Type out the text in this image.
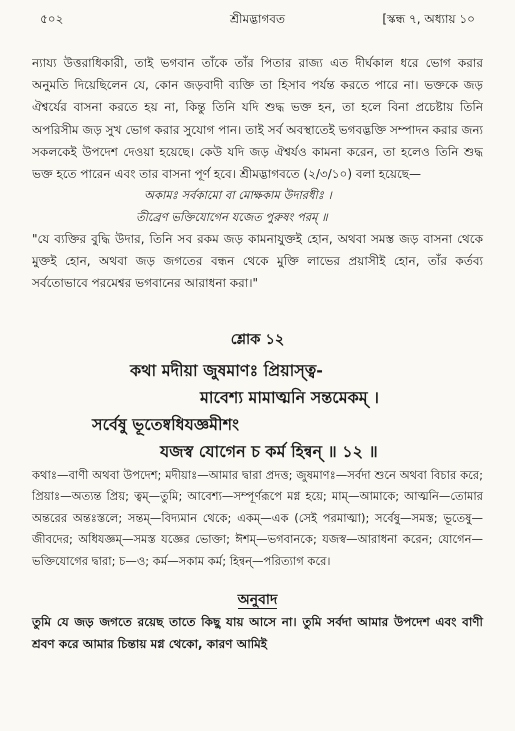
৫০২	শ্রীমদ্ভাগবত	[স্কন্ধ ৭, অধ্যায় ১০

ন্যায্য উত্তরাধিকারী, তাই ভগবান তাঁকে তাঁর পিতার রাজ্য এত দীর্ঘকাল ধরে ভোগ করার অনুমতি দিয়েছিলেন যে, কোন জড়বাদী ব্যক্তি তা হিসাব পর্যন্ত করতে পারে না। ভক্তকে জড় ঐশ্বর্যের বাসনা করতে হয় না, কিন্তু তিনি যদি শুদ্ধ ভক্ত হন, তা হলে বিনা প্রচেষ্টায় তিনি অপরিসীম জড় সুখ ভোগ করার সুযোগ পান। তাই সর্ব অবস্থাতেই ভগবদ্ভক্তি সম্পাদন করার জন্য সকলকেই উপদেশ দেওয়া হয়েছে। কেউ যদি জড় ঐশ্বর্যও কামনা করেন, তা হলেও তিনি শুদ্ধ ভক্ত হতে পারেন এবং তার বাসনা পূর্ণ হবে। শ্রীমদ্ভাগবতে (২/৩/১০) বলা হয়েছে—

অকামঃ সর্বকামো বা মোক্ষকাম উদারধীঃ ।
তীব্রেণ ভক্তিযোগেন যজেত পুরুষং পরম্ ॥

"যে ব্যক্তির বুদ্ধি উদার, তিনি সব রকম জড় কামনাযুক্তই হোন, অথবা সমস্ত জড় বাসনা থেকে মুক্তই হোন, অথবা জড় জগতের বন্ধন থেকে মুক্তি লাভের প্রয়াসীই হোন, তাঁর কর্তব্য সর্বতোভাবে পরমেশ্বর ভগবানের আরাধনা করা।"

শ্লোক ১২
কথা মদীয়া জুষমাণঃ প্রিয়াস্ত্ব-
মাবেশ্য মামাত্মনি সন্তমেকম্ ।
সর্বেষু ভূতেষ্বধিযজ্ঞমীশং
যজস্ব যোগেন চ কর্ম হিন্বন্ ॥ ১২ ॥

কথাঃ—বাণী অথবা উপদেশ; মদীয়াঃ—আমার দ্বারা প্রদত্ত; জুষমাণঃ—সর্বদা শুনে অথবা বিচার করে; প্রিয়াঃ—অত্যন্ত প্রিয়; ত্বম্—তুমি; আবেশ্য—সম্পূর্ণরূপে মগ্ন হয়ে; মাম্—আমাকে; আত্মনি—তোমার অন্তরের অন্তঃস্তলে; সন্তম্—বিদ্যমান থেকে; একম্—এক (সেই পরমাত্মা); সর্বেষু—সমস্ত; ভূতেষু—জীবদের; অধিযজ্ঞম্—সমস্ত যজ্ঞের ভোক্তা; ঈশম্—ভগবানকে; যজস্ব—আরাধনা করেন; যোগেন—ভক্তিযোগের দ্বারা; চ—ও; কর্ম—সকাম কর্ম; হিন্বন্—পরিত্যাগ করে।

অনুবাদ

তুমি যে জড় জগতে রয়েছ তাতে কিছু যায় আসে না। তুমি সর্বদা আমার উপদেশ এবং বাণী শ্রবণ করে আমার চিন্তায় মগ্ন থেকো, কারণ আমিই
